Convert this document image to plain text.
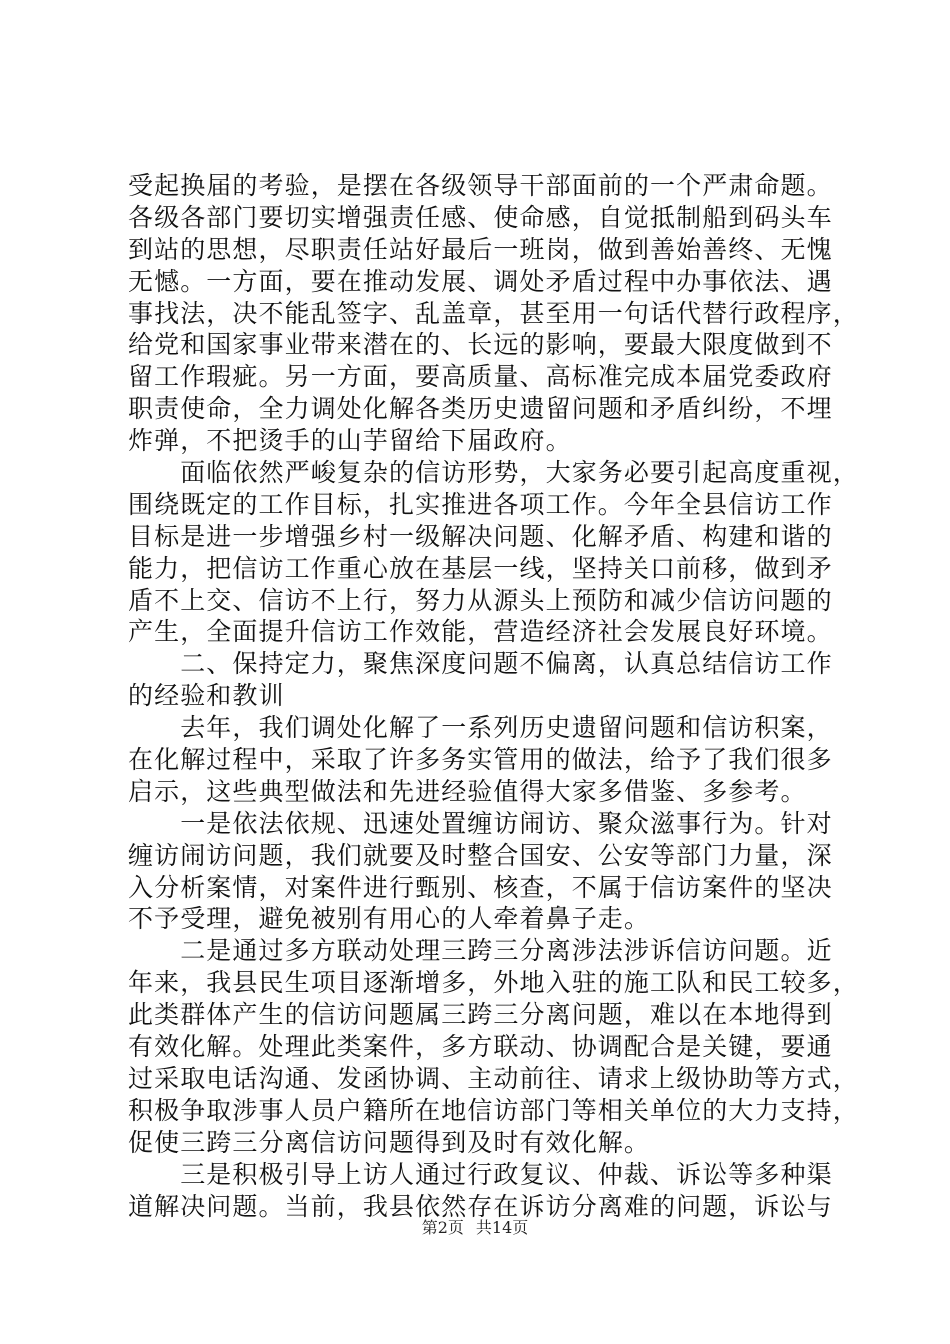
受起换届的考验，是摆在各级领导干部面前的一个严肃命题。
各级各部门要切实增强责任感、使命感，自觉抵制船到码头车
到站的思想，尽职责任站好最后一班岗，做到善始善终、无愧
无憾。一方面，要在推动发展、调处矛盾过程中办事依法、遇
事找法，决不能乱签字、乱盖章，甚至用一句话代替行政程序，
给党和国家事业带来潜在的、长远的影响，要最大限度做到不
留工作瑕疵。另一方面，要高质量、高标准完成本届党委政府
职责使命，全力调处化解各类历史遗留问题和矛盾纠纷，不埋
炸弹，不把烫手的山芋留给下届政府。
　　面临依然严峻复杂的信访形势，大家务必要引起高度重视，
围绕既定的工作目标，扎实推进各项工作。今年全县信访工作
目标是进一步增强乡村一级解决问题、化解矛盾、构建和谐的
能力，把信访工作重心放在基层一线，坚持关口前移，做到矛
盾不上交、信访不上行，努力从源头上预防和减少信访问题的
产生，全面提升信访工作效能，营造经济社会发展良好环境。
　　二、保持定力，聚焦深度问题不偏离，认真总结信访工作
的经验和教训
　　去年，我们调处化解了一系列历史遗留问题和信访积案，
在化解过程中，采取了许多务实管用的做法，给予了我们很多
启示，这些典型做法和先进经验值得大家多借鉴、多参考。
　　一是依法依规、迅速处置缠访闹访、聚众滋事行为。针对
缠访闹访问题，我们就要及时整合国安、公安等部门力量，深
入分析案情，对案件进行甄别、核查，不属于信访案件的坚决
不予受理，避免被别有用心的人牵着鼻子走。
　　二是通过多方联动处理三跨三分离涉法涉诉信访问题。近
年来，我县民生项目逐渐增多，外地入驻的施工队和民工较多，
此类群体产生的信访问题属三跨三分离问题，难以在本地得到
有效化解。处理此类案件，多方联动、协调配合是关键，要通
过采取电话沟通、发函协调、主动前往、请求上级协助等方式，
积极争取涉事人员户籍所在地信访部门等相关单位的大力支持，
促使三跨三分离信访问题得到及时有效化解。
　　三是积极引导上访人通过行政复议、仲裁、诉讼等多种渠
道解决问题。当前，我县依然存在诉访分离难的问题，诉讼与
第2页 共14页
